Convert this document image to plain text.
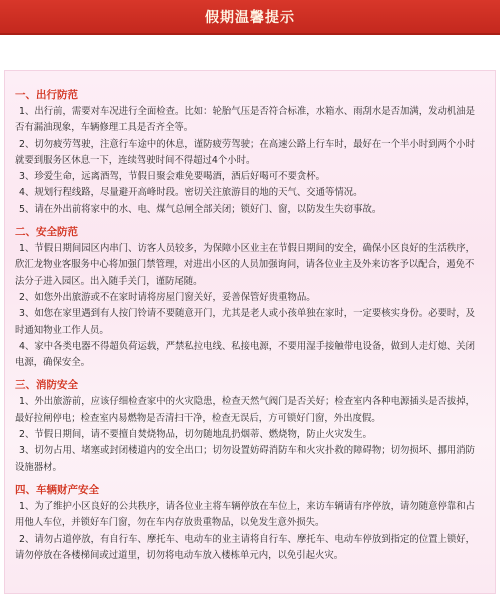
假期温馨提示
一、出行防范
1、出行前，需要对车况进行全面检查。比如：轮胎气压是否符合标准，水箱水、雨刮水是否加满，发动机油是否有漏油现象，车辆修理工具是否齐全等。
2、切勿疲劳驾驶，注意行车途中的休息，谨防疲劳驾驶；在高速公路上行车时，最好在一个半小时到两个小时就要到服务区休息一下，连续驾驶时间不得超过4个小时。
3、珍爱生命，远离酒驾，节假日聚会难免要喝酒，酒后好喝可不要贪杯。
4、规划行程线路，尽量避开高峰时段。密切关注旅游目的地的天气、交通等情况。
5、请在外出前将家中的水、电、煤气总闸全部关闭；锁好门、窗，以防发生失窃事故。
二、安全防范
1、节假日期间园区内串门、访客人员较多，为保障小区业主在节假日期间的安全，确保小区良好的生活秩序，欣汇龙物业客服务中心将加强门禁管理，对进出小区的人员加强询问，请各位业主及外来访客予以配合，遏免不法分子进入园区。出入随手关门，谨防尾随。
2、如您外出旅游或不在家时请将房屋门窗关好，妥善保管好贵重物品。
3、如您在家里遇到有人按门铃请不要随意开门，尤其是老人或小孩单独在家时，一定要核实身份。必要时，及时通知物业工作人员。
4、家中各类电器不得超负荷运载，严禁私拉电线、私接电源，不要用湿手接触带电设备，做到人走灯熄、关闭电源，确保安全。
三、消防安全
1、外出旅游前，应该仔细检查家中的火灾隐患，检查天然气阀门是否关好；检查室内各种电源插头是否拔掉，最好拉闸停电；检查室内易燃物是否清扫干净，检查无误后，方可锁好门窗，外出度假。
2、节假日期间，请不要擅自焚烧物品，切勿随地乱扔烟蒂、燃烧物，防止火灾发生。
3、切勿占用、堵塞或封闭楼道内的安全出口；切勿设置妨碍消防车和火灾扑救的障碍物；切勿损坏、挪用消防设施器材。
四、车辆财产安全
1、为了维护小区良好的公共秩序，请各位业主将车辆停放在车位上，来访车辆请有序停放，请勿随意停靠和占用他人车位，并锁好车门窗，勿在车内存放贵重物品，以免发生意外损失。
2、请勿占道停放，有自行车、摩托车、电动车的业主请将自行车、摩托车、电动车停放到指定的位置上锁好，请勿停放在各楼梯间或过道里，切勿将电动车放入楼栋单元内，以免引起火灾。
